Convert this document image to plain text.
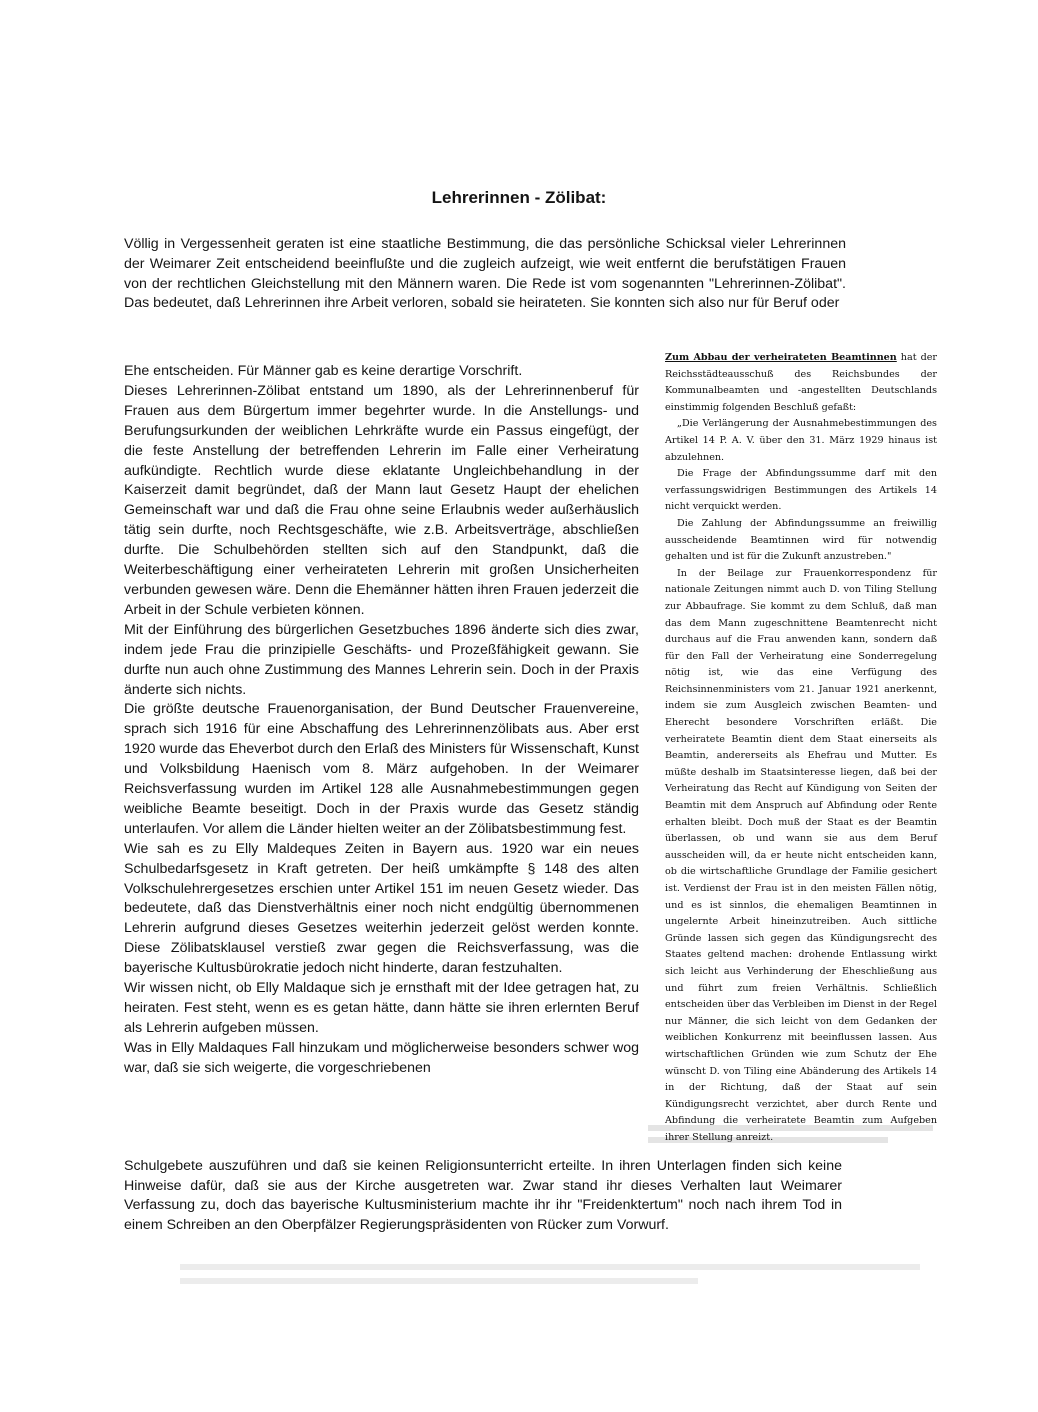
Lehrerinnen - Zölibat:

Völlig in Vergessenheit geraten ist eine staatliche Bestimmung, die das persönliche Schicksal vieler Lehrerinnen der Weimarer Zeit entscheidend beeinflußte und die zugleich aufzeigt, wie weit entfernt die berufstätigen Frauen von der rechtlichen Gleichstellung mit den Männern waren. Die Rede ist vom sogenannten "Lehrerinnen-Zölibat". Das bedeutet, daß Lehrerinnen ihre Arbeit verloren, sobald sie heirateten. Sie konnten sich also nur für Beruf oder

Ehe entscheiden. Für Männer gab es keine derartige Vorschrift.

Dieses Lehrerinnen-Zölibat entstand um 1890, als der Lehrerinnenberuf für Frauen aus dem Bürgertum immer begehrter wurde. In die Anstellungs- und Berufungsurkunden der weiblichen Lehrkräfte wurde ein Passus eingefügt, der die feste Anstellung der betreffenden Lehrerin im Falle einer Verheiratung aufkündigte. Rechtlich wurde diese eklatante Ungleichbehandlung in der Kaiserzeit damit begründet, daß der Mann laut Gesetz Haupt der ehelichen Gemeinschaft war und daß die Frau ohne seine Erlaubnis weder außerhäuslich tätig sein durfte, noch Rechtsgeschäfte, wie z.B. Arbeitsverträge, abschließen durfte. Die Schulbehörden stellten sich auf den Standpunkt, daß die Weiterbeschäftigung einer verheirateten Lehrerin mit großen Unsicherheiten verbunden gewesen wäre. Denn die Ehemänner hätten ihren Frauen jederzeit die Arbeit in der Schule verbieten können.

Mit der Einführung des bürgerlichen Gesetzbuches 1896 änderte sich dies zwar, indem jede Frau die prinzipielle Geschäfts- und Prozeßfähigkeit gewann. Sie durfte nun auch ohne Zustimmung des Mannes Lehrerin sein. Doch in der Praxis änderte sich nichts.

Die größte deutsche Frauenorganisation, der Bund Deutscher Frauenvereine, sprach sich 1916 für eine Abschaffung des Lehrerinnenzölibats aus. Aber erst 1920 wurde das Eheverbot durch den Erlaß des Ministers für Wissenschaft, Kunst und Volksbildung Haenisch vom 8. März aufgehoben. In der Weimarer Reichsverfassung wurden im Artikel 128 alle Ausnahmebestimmungen gegen weibliche Beamte beseitigt. Doch in der Praxis wurde das Gesetz ständig unterlaufen. Vor allem die Länder hielten weiter an der Zölibatsbestimmung fest.

Wie sah es zu Elly Maldeques Zeiten in Bayern aus. 1920 war ein neues Schulbedarfsgesetz in Kraft getreten. Der heiß umkämpfte § 148 des alten Volkschulehrergesetzes erschien unter Artikel 151 im neuen Gesetz wieder. Das bedeutete, daß das Dienstverhältnis einer noch nicht endgültig übernommenen Lehrerin aufgrund dieses Gesetzes weiterhin jederzeit gelöst werden konnte. Diese Zölibatsklausel verstieß zwar gegen die Reichsverfassung, was die bayerische Kultusbürokratie jedoch nicht hinderte, daran festzuhalten.

Wir wissen nicht, ob Elly Maldaque sich je ernsthaft mit der Idee getragen hat, zu heiraten. Fest steht, wenn es es getan hätte, dann hätte sie ihren erlernten Beruf als Lehrerin aufgeben müssen.

Was in Elly Maldaques Fall hinzukam und möglicherweise besonders schwer wog war, daß sie sich weigerte, die vorgeschriebenen

Schulgebete auszuführen und daß sie keinen Religionsunterricht erteilte. In ihren Unterlagen finden sich keine Hinweise dafür, daß sie aus der Kirche ausgetreten war. Zwar stand ihr dieses Verhalten laut Weimarer Verfassung zu, doch das bayerische Kultusministerium machte ihr ihr "Freidenktertum" noch nach ihrem Tod in einem Schreiben an den Oberpfälzer Regierungspräsidenten von Rücker zum Vorwurf.

Zum Abbau der verheirateten Beamtinnen hat der Reichsstädteausschuß des Reichsbundes der Kommunalbeamten und -angestellten Deutschlands einstimmig folgenden Beschluß gefaßt:

„Die Verlängerung der Ausnahmebestimmungen des Artikel 14 P. A. V. über den 31. März 1929 hinaus ist abzulehnen.

Die Frage der Abfindungssumme darf mit den verfassungswidrigen Bestimmungen des Artikels 14 nicht verquickt werden.

Die Zahlung der Abfindungssumme an freiwillig ausscheidende Beamtinnen wird für notwendig gehalten und ist für die Zukunft anzustreben."

In der Beilage zur Frauenkorrespondenz für nationale Zeitungen nimmt auch D. von Tiling Stellung zur Abbaufrage. Sie kommt zu dem Schluß, daß man das dem Mann zugeschnittene Beamtenrecht nicht durchaus auf die Frau anwenden kann, sondern daß für den Fall der Verheiratung eine Sonderregelung nötig ist, wie das eine Verfügung des Reichsinnenministers vom 21. Januar 1921 anerkennt, indem sie zum Ausgleich zwischen Beamten- und Eherecht besondere Vorschriften erläßt. Die verheiratete Beamtin dient dem Staat einerseits als Beamtin, andererseits als Ehefrau und Mutter. Es müßte deshalb im Staatsinteresse liegen, daß bei der Verheiratung das Recht auf Kündigung von Seiten der Beamtin mit dem Anspruch auf Abfindung oder Rente erhalten bleibt. Doch muß der Staat es der Beamtin überlassen, ob und wann sie aus dem Beruf ausscheiden will, da er heute nicht entscheiden kann, ob die wirtschaftliche Grundlage der Familie gesichert ist. Verdienst der Frau ist in den meisten Fällen nötig, und es ist sinnlos, die ehemaligen Beamtinnen in ungelernte Arbeit hineinzutreiben. Auch sittliche Gründe lassen sich gegen das Kündigungsrecht des Staates geltend machen: drohende Entlassung wirkt sich leicht aus Verhinderung der Eheschließung aus und führt zum freien Verhältnis. Schließlich entscheiden über das Verbleiben im Dienst in der Regel nur Männer, die sich leicht von dem Gedanken der weiblichen Konkurrenz mit beeinflussen lassen. Aus wirtschaftlichen Gründen wie zum Schutz der Ehe wünscht D. von Tiling eine Abänderung des Artikels 14 in der Richtung, daß der Staat auf sein Kündigungsrecht verzichtet, aber durch Rente und Abfindung die verheiratete Beamtin zum Aufgeben ihrer Stellung anreizt.
